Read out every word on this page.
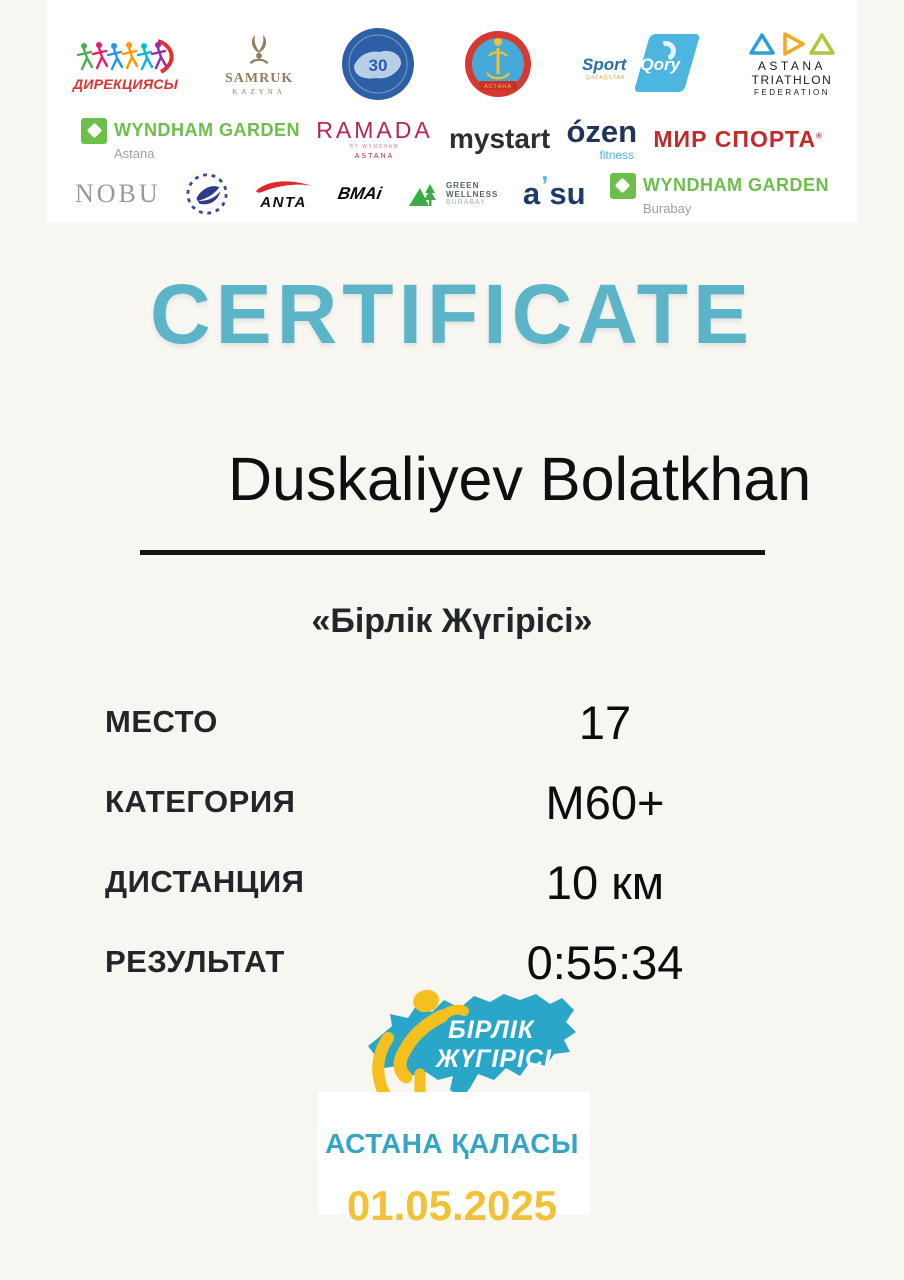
ДИРЕКЦИЯСЫ	SAMRUK
KAZYNA
30
АСТАНА
Sport Qory
QAZAQSTAN
ASTANA
TRIATHLON
FEDERATION
WYNDHAM GARDEN
Astana
RAMADA
BY WYNDHAM
ASTANA
mystart ózen
fitness
МИР СПОРТА®
NOBU	ANTA BMAi	GREEN
WELLNESS
BURABAY	a ʼ su	WYNDHAM GARDEN
Burabay
CERTIFICATE
Duskaliyev Bolatkhan
«Бірлік Жүгірісі»
МЕСТО	17
КАТЕГОРИЯ	M60+
ДИСТАНЦИЯ	10 км
РЕЗУЛЬТАТ	0:55:34
БІРЛІК
ЖҮГІРІСІ
АСТАНА ҚАЛАСЫ
01.05.2025
